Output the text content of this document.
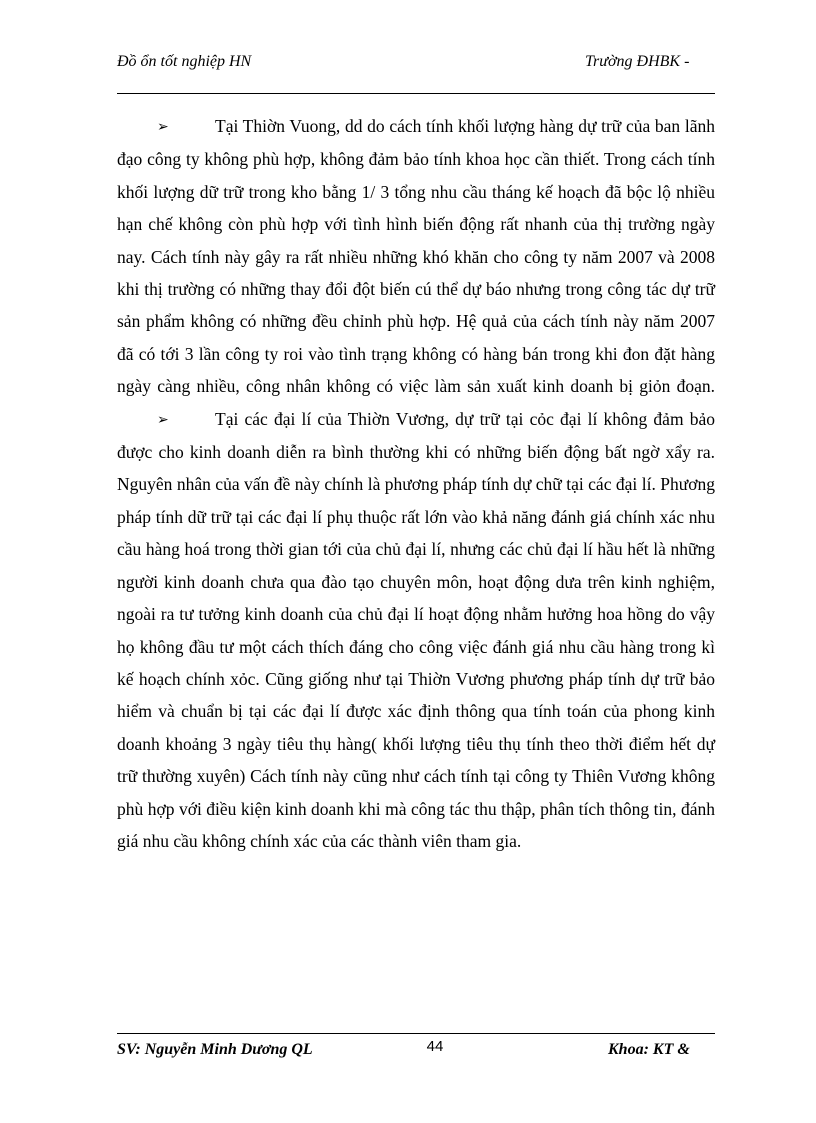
Đồ ổn tốt nghiệp HN	Trường ĐHBK -

➢	Tại Thiờn Vuong, dd do cách tính khối lượng hàng dự trữ của ban lãnh đạo công ty không phù hợp, không đảm bảo tính khoa học cần thiết. Trong cách tính khối lượng dữ trữ trong kho bằng 1/ 3 tổng nhu cầu tháng kế hoạch đã bộc lộ nhiều hạn chế không còn phù hợp với tình hình biến động rất nhanh của thị trường ngày nay. Cách tính này gây ra rất nhiều những khó khăn cho công ty năm 2007 và 2008 khi thị trường có những thay đổi đột biến cú thể dự báo nhưng trong công tác dự trữ sản phẩm không có những đều chỉnh phù hợp. Hệ quả của cách tính này năm 2007 đã có tới 3 lần công ty roi vào tình trạng không có hàng bán trong khi đon đặt hàng ngày càng nhiều, công nhân không có việc làm sản xuất kinh doanh bị giỏn đoạn.

➢	Tại các đại lí của Thiờn Vương, dự trữ tại cỏc đại lí không đảm bảo được cho kinh doanh diễn ra bình thường khi có những biến động bất ngờ xẩy ra. Nguyên nhân của vấn đề này chính là phương pháp tính dự chữ tại các đại lí. Phương pháp tính dữ trữ tại các đại lí phụ thuộc rất lớn vào khả năng đánh giá chính xác nhu cầu hàng hoá trong thời gian tới của chủ đại lí, nhưng các chủ đại lí hầu hết là những người kinh doanh chưa qua đào tạo chuyên môn, hoạt động dưa trên kinh nghiệm, ngoài ra tư tưởng kinh doanh của chủ đại lí hoạt động nhằm hưởng hoa hồng do vậy họ không đầu tư một cách thích đáng cho công việc đánh giá nhu cầu hàng trong kì kế hoạch chính xỏc. Cũng giống như tại Thiờn Vương phương pháp tính dự trữ bảo hiểm và chuẩn bị tại các đại lí được xác định thông qua tính toán của phong kinh doanh khoảng 3 ngày tiêu thụ hàng( khối lượng tiêu thụ tính theo thời điểm hết dự trữ thường xuyên) Cách tính này cũng như cách tính tại công ty Thiên Vương không phù hợp với điều kiện kinh doanh khi mà công tác thu thập, phân tích thông tin, đánh giá nhu cầu không chính xác của các thành viên tham gia.

SV: Nguyễn Minh Dương QL	44	Khoa: KT &
